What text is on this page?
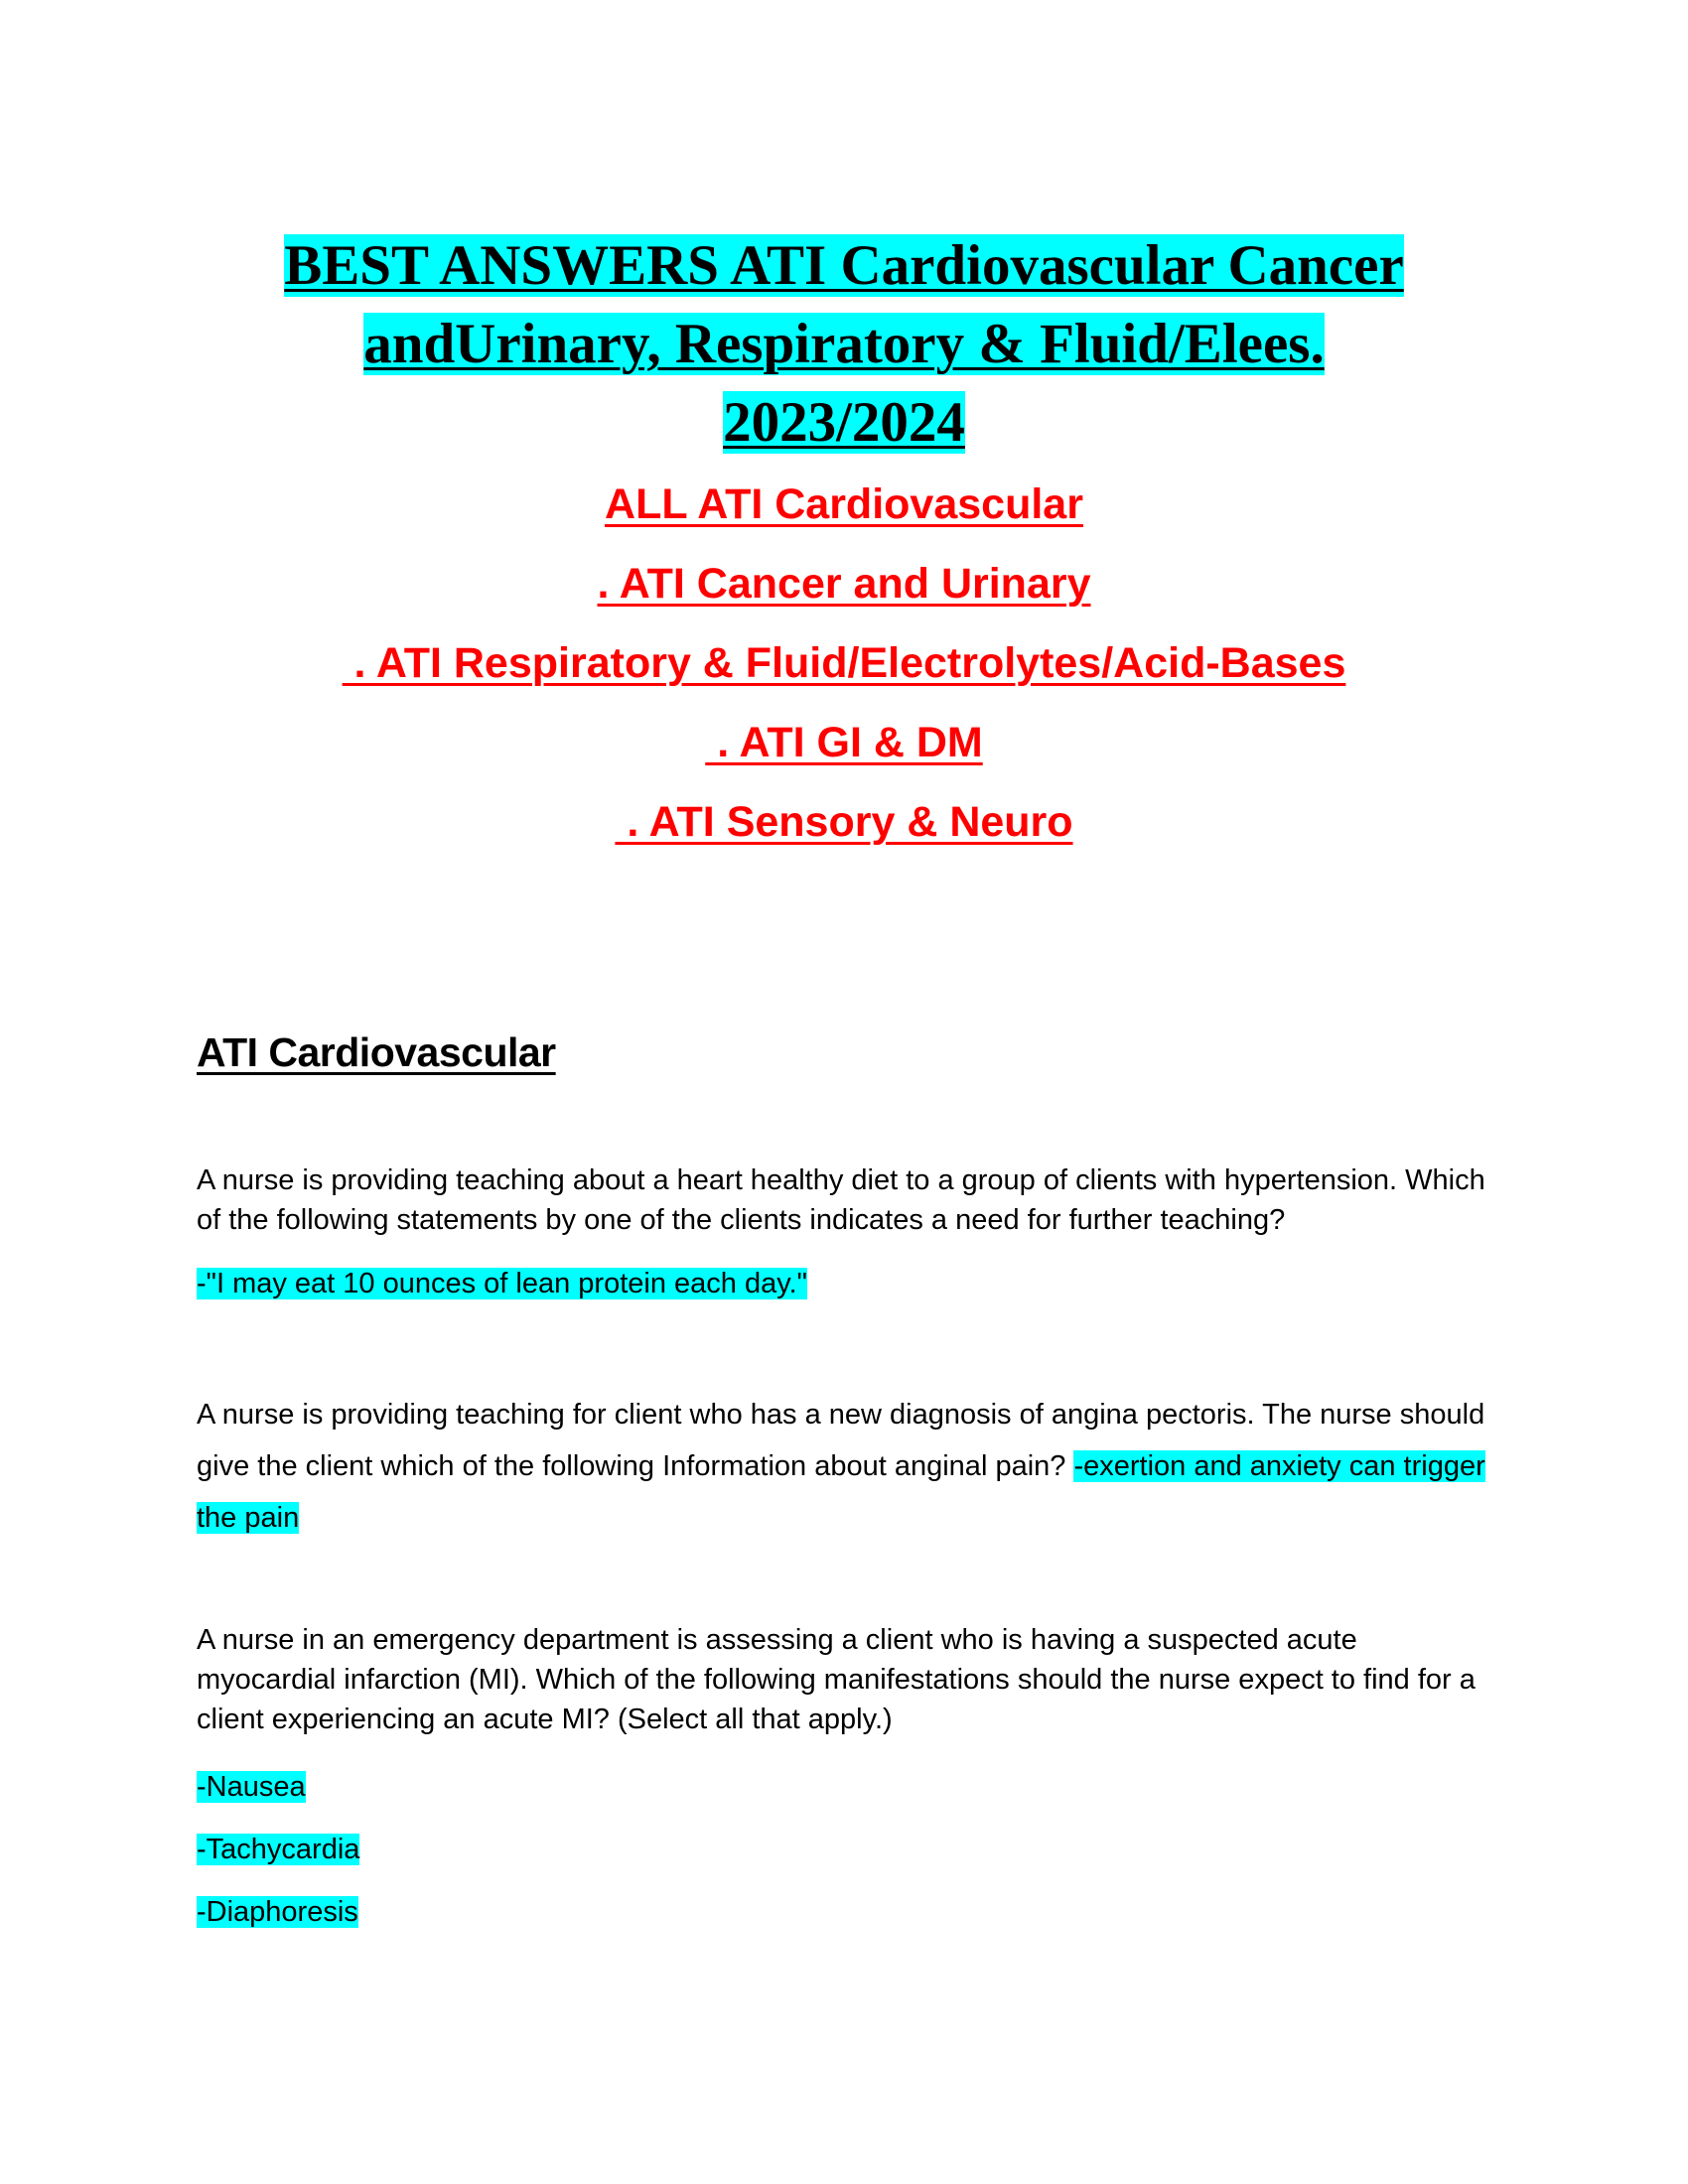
BEST ANSWERS ATI Cardiovascular Cancer
andUrinary, Respiratory & Fluid/Elees.
2023/2024
ALL ATI Cardiovascular
. ATI Cancer and Urinary
. ATI Respiratory & Fluid/Electrolytes/Acid-Bases
. ATI GI & DM
. ATI Sensory & Neuro
ATI Cardiovascular
A nurse is providing teaching about a heart healthy diet to a group of clients with hypertension. Which of the following statements by one of the clients indicates a need for further teaching?
-"I may eat 10 ounces of lean protein each day."
A nurse is providing teaching for client who has a new diagnosis of angina pectoris. The nurse should give the client which of the following Information about anginal pain? -exertion and anxiety can trigger the pain
A nurse in an emergency department is assessing a client who is having a suspected acute myocardial infarction (MI). Which of the following manifestations should the nurse expect to find for a client experiencing an acute MI? (Select all that apply.)
-Nausea
-Tachycardia
-Diaphoresis
